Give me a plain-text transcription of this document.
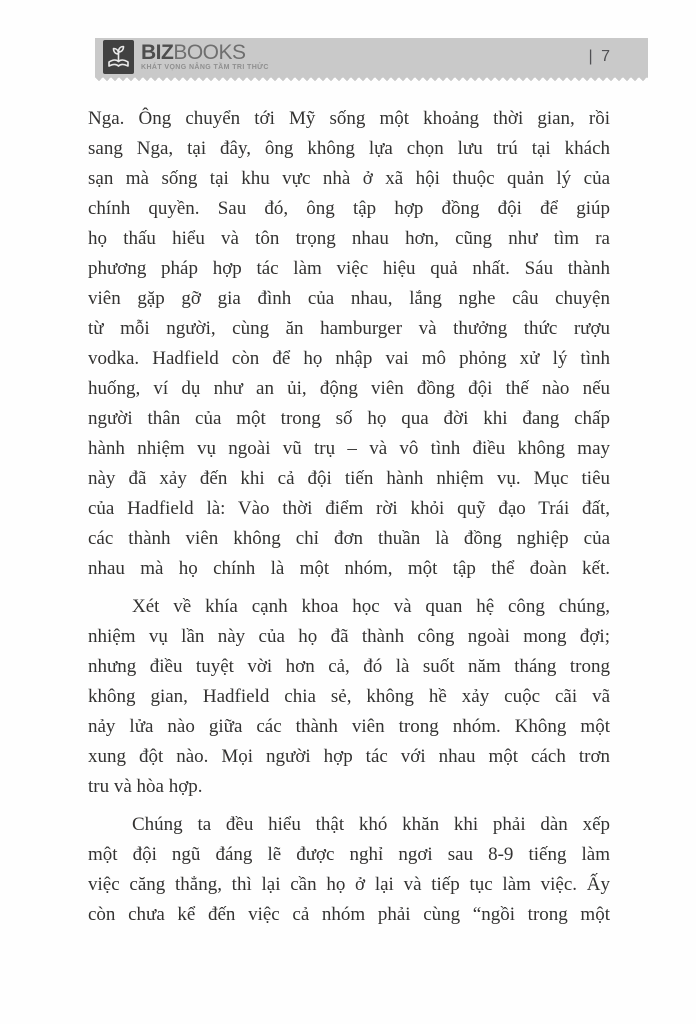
BIZBOOKS
KHÁT VỌNG NÂNG TẦM TRI THỨC
| 7
Nga. Ông chuyển tới Mỹ sống một khoảng thời gian, rồi
sang Nga, tại đây, ông không lựa chọn lưu trú tại khách
sạn mà sống tại khu vực nhà ở xã hội thuộc quản lý của
chính quyền. Sau đó, ông tập hợp đồng đội để giúp
họ thấu hiểu và tôn trọng nhau hơn, cũng như tìm ra
phương pháp hợp tác làm việc hiệu quả nhất. Sáu thành
viên gặp gỡ gia đình của nhau, lắng nghe câu chuyện
từ mỗi người, cùng ăn hamburger và thưởng thức rượu
vodka. Hadfield còn để họ nhập vai mô phỏng xử lý tình
huống, ví dụ như an ủi, động viên đồng đội thế nào nếu
người thân của một trong số họ qua đời khi đang chấp
hành nhiệm vụ ngoài vũ trụ – và vô tình điều không may
này đã xảy đến khi cả đội tiến hành nhiệm vụ. Mục tiêu
của Hadfield là: Vào thời điểm rời khỏi quỹ đạo Trái đất,
các thành viên không chỉ đơn thuần là đồng nghiệp của
nhau mà họ chính là một nhóm, một tập thể đoàn kết.
Xét về khía cạnh khoa học và quan hệ công chúng,
nhiệm vụ lần này của họ đã thành công ngoài mong đợi;
nhưng điều tuyệt vời hơn cả, đó là suốt năm tháng trong
không gian, Hadfield chia sẻ, không hề xảy cuộc cãi vã
nảy lửa nào giữa các thành viên trong nhóm. Không một
xung đột nào. Mọi người hợp tác với nhau một cách trơn
tru và hòa hợp.
Chúng ta đều hiểu thật khó khăn khi phải dàn xếp
một đội ngũ đáng lẽ được nghỉ ngơi sau 8-9 tiếng làm
việc căng thẳng, thì lại cần họ ở lại và tiếp tục làm việc. Ấy
còn chưa kể đến việc cả nhóm phải cùng “ngồi trong một
